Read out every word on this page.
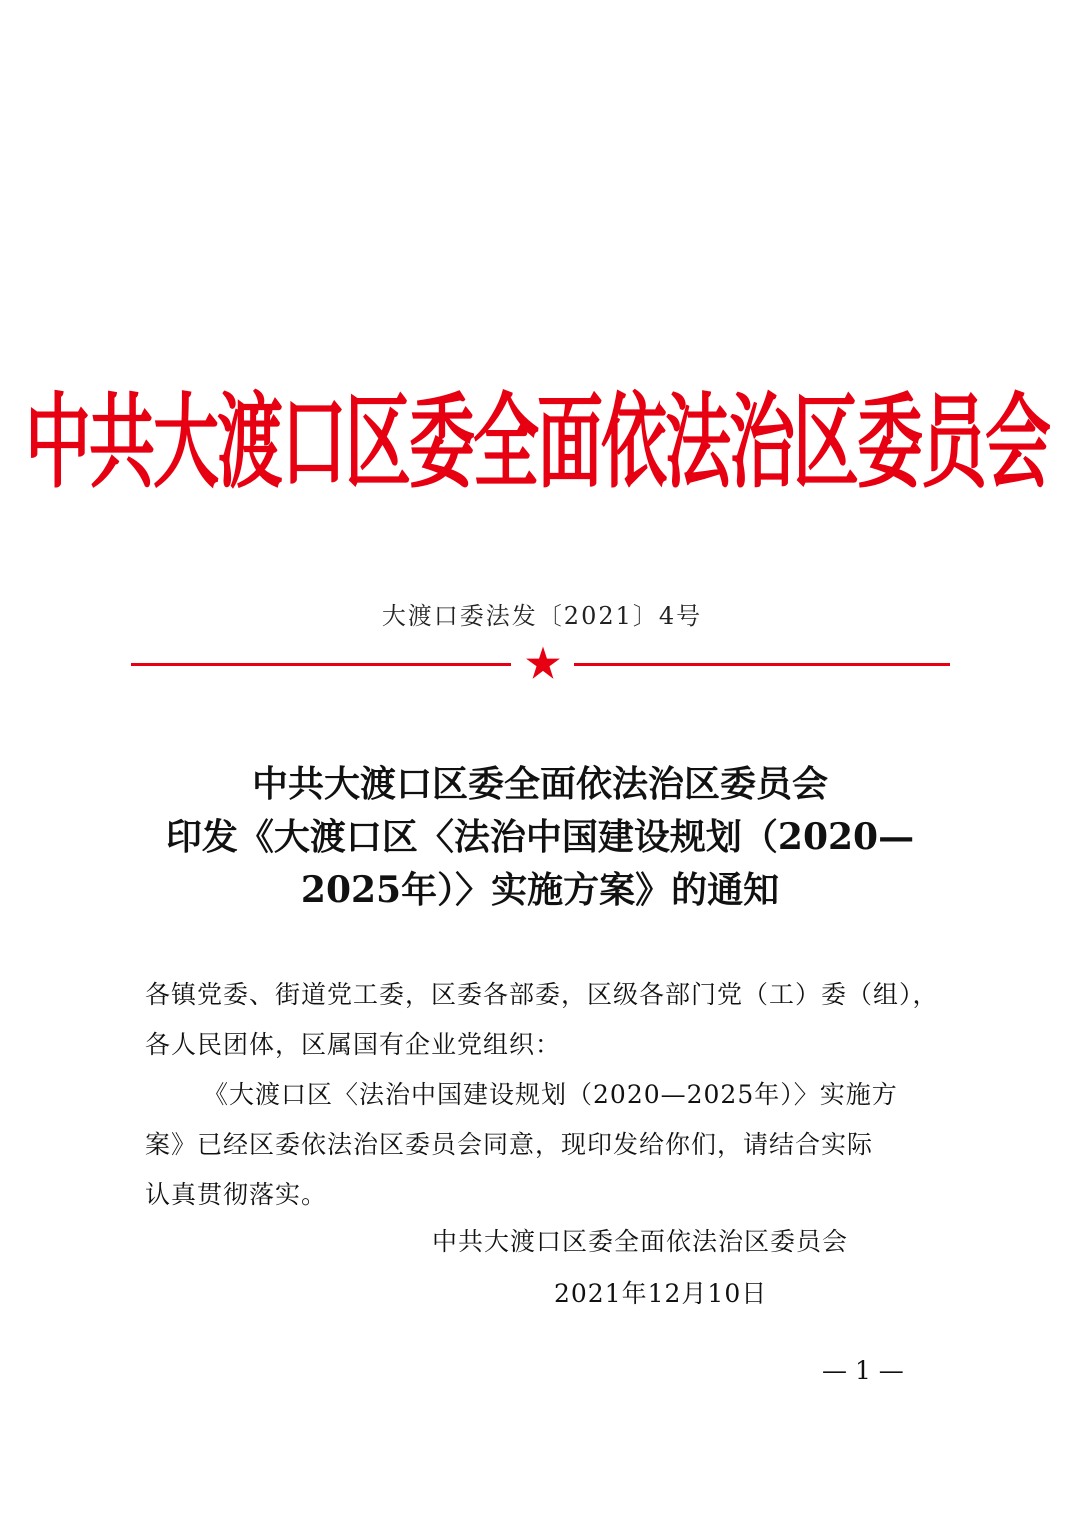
中共大渡口区委全面依法治区委员会
大渡口委法发〔2021〕4号
中共大渡口区委全面依法治区委员会
印发《大渡口区〈法治中国建设规划（2020—
2025年）〉实施方案》的通知
各镇党委、街道党工委，区委各部委，区级各部门党（工）委（组），
各人民团体，区属国有企业党组织：
《大渡口区〈法治中国建设规划（2020—2025年）〉实施方
案》已经区委依法治区委员会同意，现印发给你们，请结合实际
认真贯彻落实。
中共大渡口区委全面依法治区委员会
2021年12月10日
— 1 —
